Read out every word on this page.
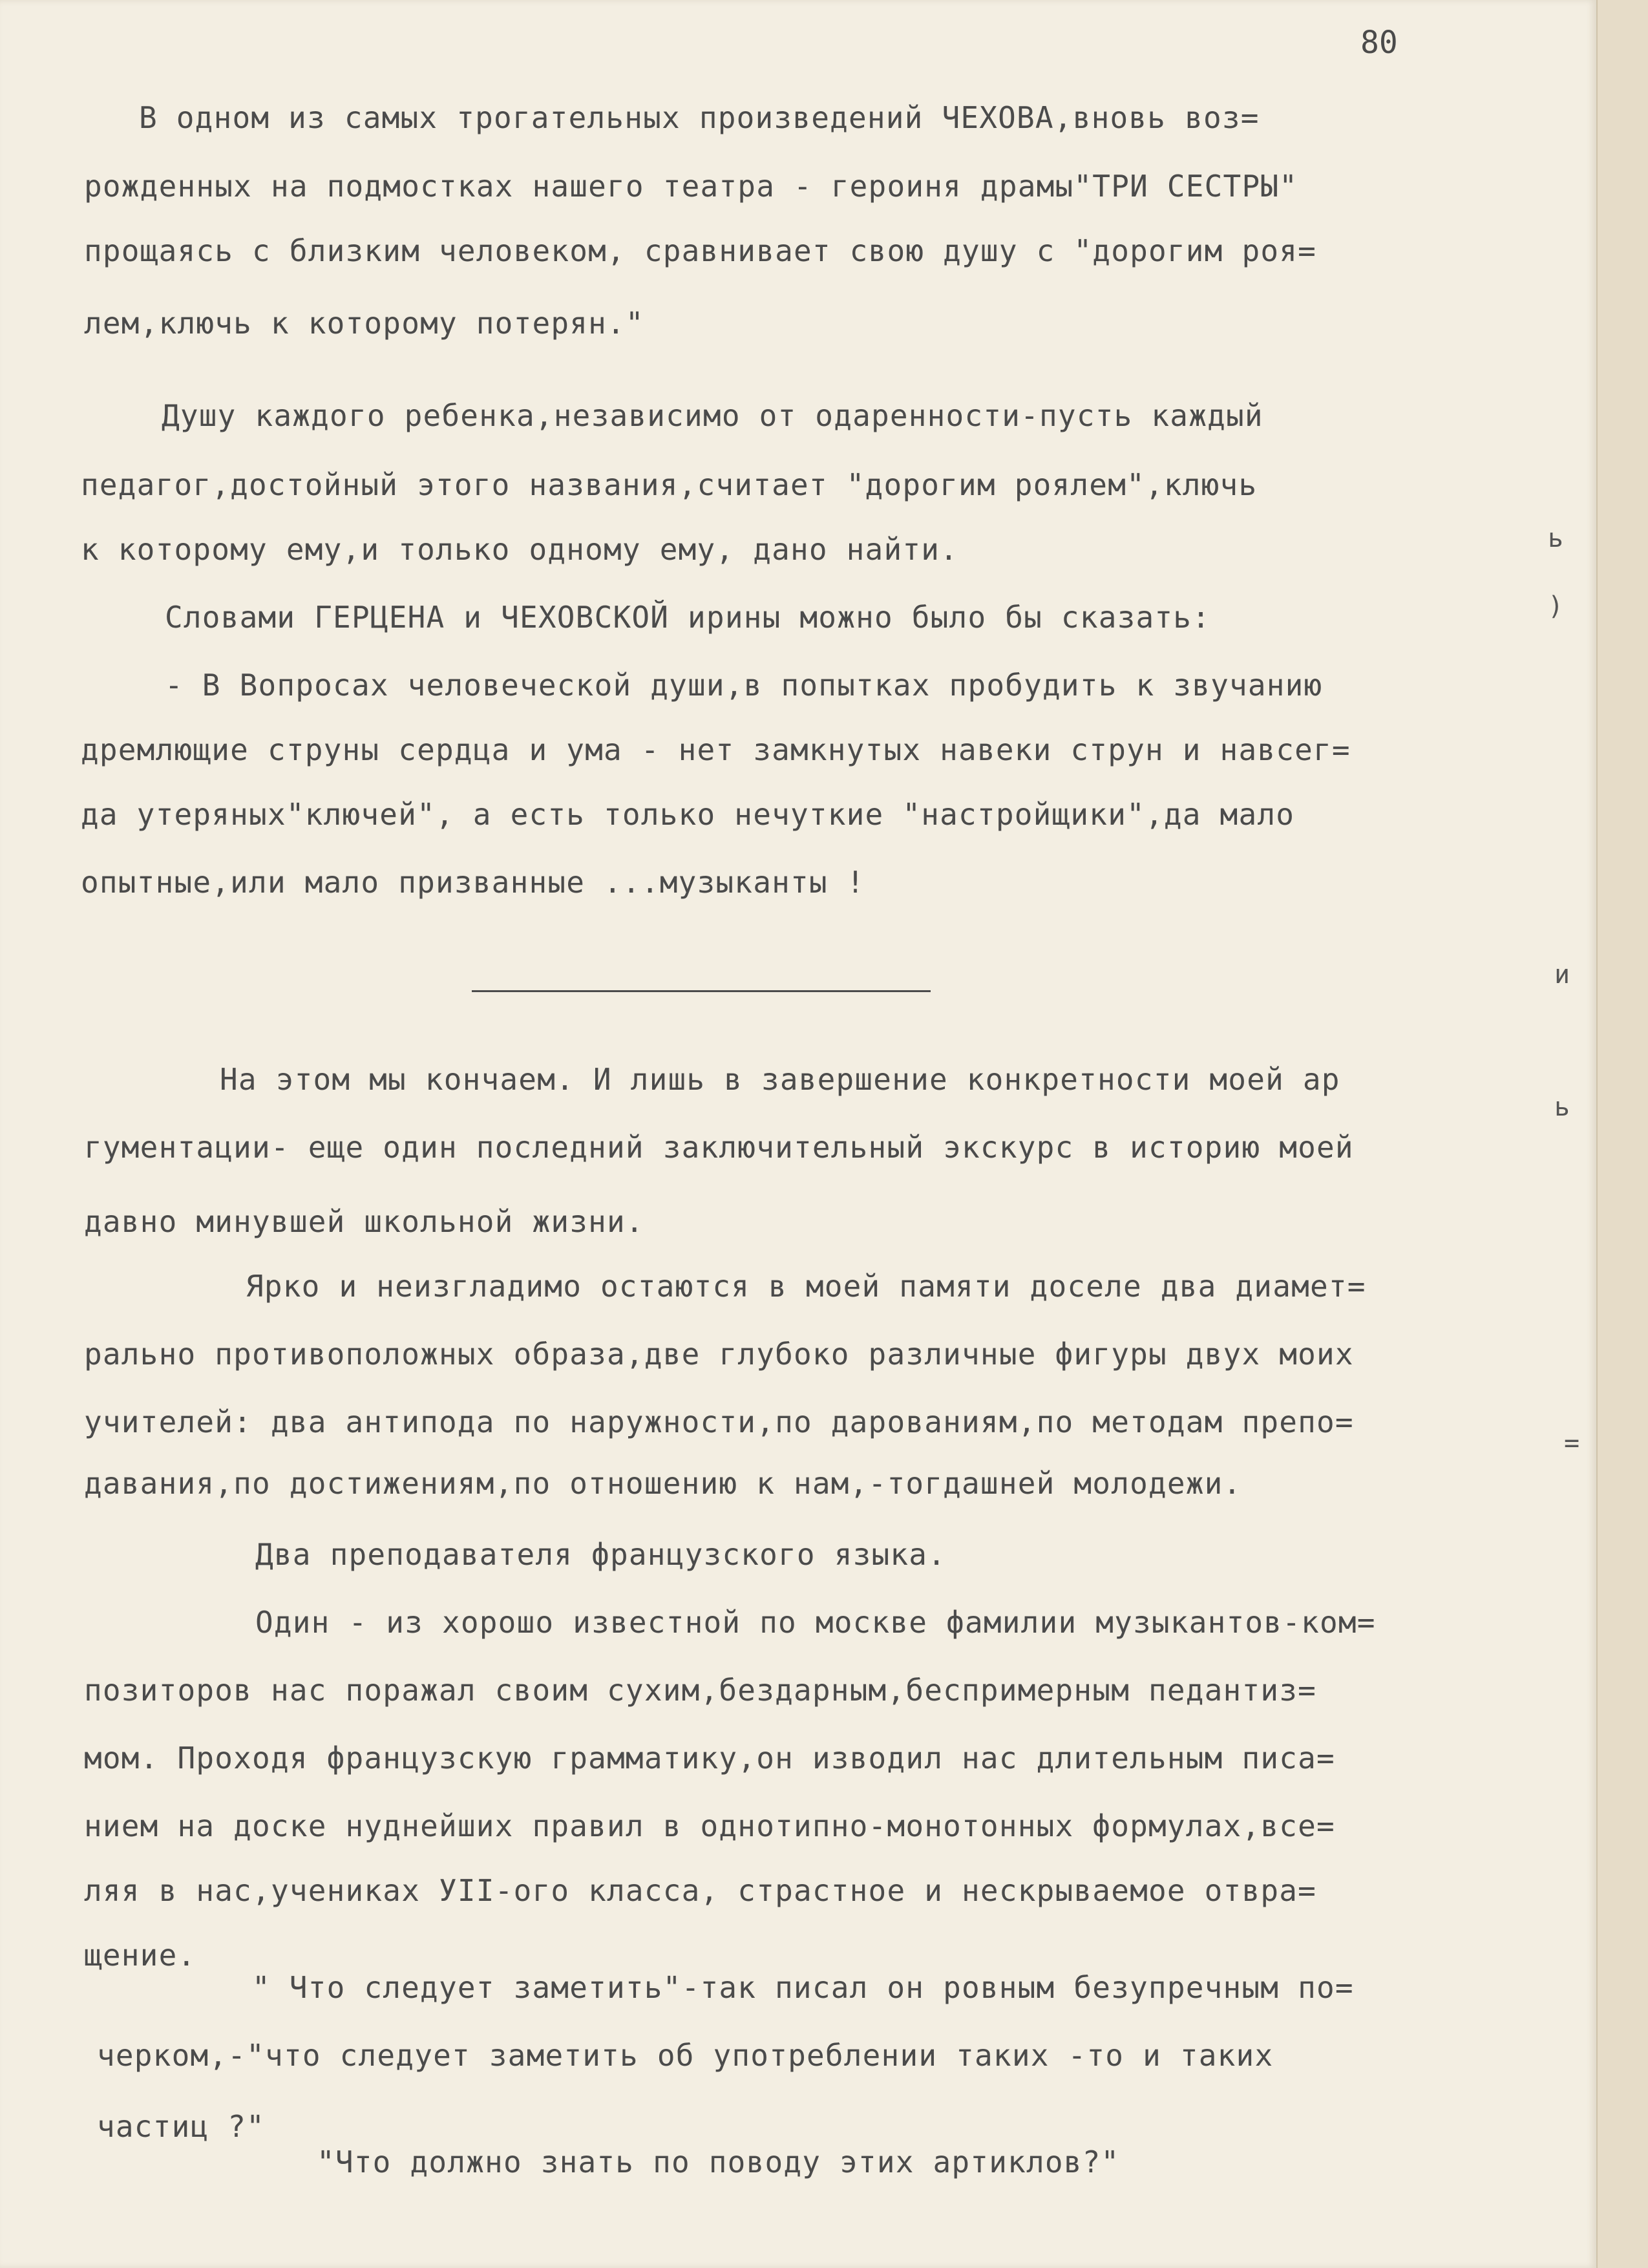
80
В одном из самых трогательных произведений ЧЕХОВА,вновь воз=
рожденных на подмостках нашего театра - героиня драмы"ТРИ СЕСТРЫ"
прощаясь с близким человеком, сравнивает свою душу с "дорогим роя=
лем,ключь к которому потерян."
Душу каждого ребенка,независимо от одаренности-пусть каждый
педагог,достойный этого названия,считает "дорогим роялем",ключь
к которому ему,и только одному ему, дано найти.
Словами ГЕРЦЕНА и ЧЕХОВСКОЙ ирины можно было бы сказать:
- В Вопросах человеческой души,в попытках пробудить к звучанию
дремлющие струны сердца и ума - нет замкнутых навеки струн и навсег=
да утеряных"ключей", а есть только нечуткие "настройщики",да мало
опытные,или мало призванные ...музыканты !
На этом мы кончаем. И лишь в завершение конкретности моей ар
гументации- еще один последний заключительный экскурс в историю моей
давно минувшей школьной жизни.
Ярко и неизгладимо остаются в моей памяти доселе два диамет=
рально противоположных образа,две глубоко различные фигуры двух моих
учителей: два антипода по наружности,по дарованиям,по методам препо=
давания,по достижениям,по отношению к нам,-тогдашней молодежи.
Два преподавателя французского языка.
Один - из хорошо известной по москве фамилии музыкантов-ком=
позиторов нас поражал своим сухим,бездарным,беспримерным педантиз=
мом. Проходя французскую грамматику,он изводил нас длительным писа=
нием на доске нуднейших правил в однотипно-монотонных формулах,все=
ляя в нас,учениках УII-ого класса, страстное и нескрываемое отвра=
щение.
" Что следует заметить"-так писал он ровным безупречным по=
черком,-"что следует заметить об употреблении таких -то и таких
частиц ?"
"Что должно знать по поводу этих артиклов?"
ь
)
и
ь
=
